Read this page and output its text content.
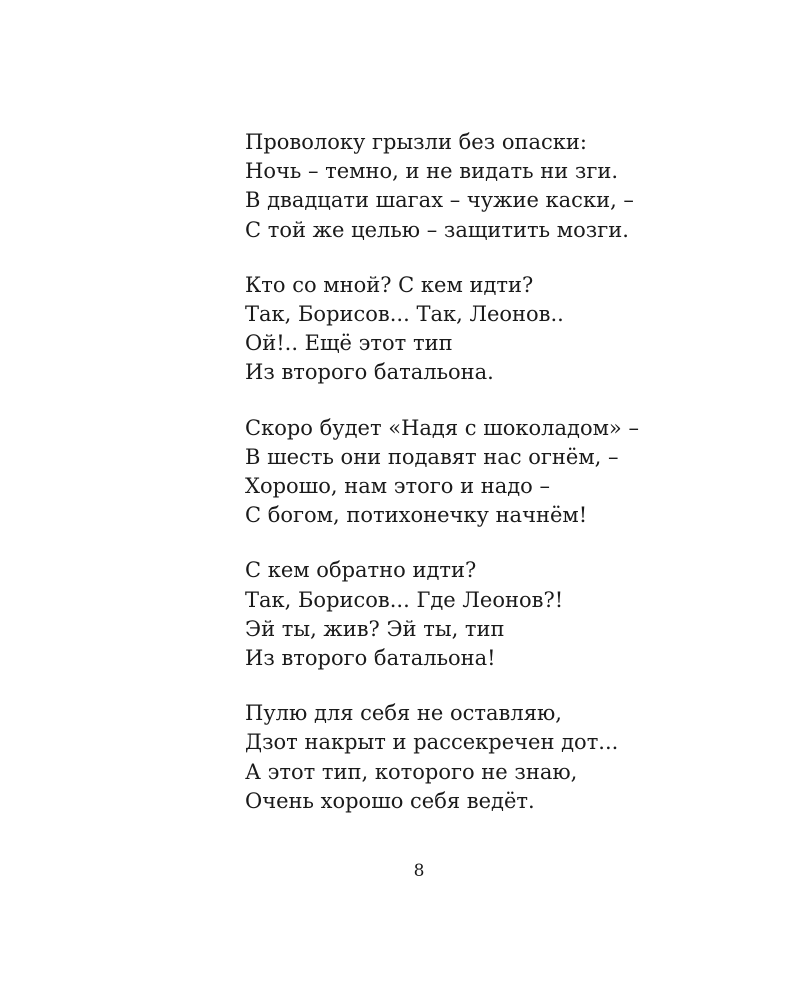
Проволоку грызли без опаски:
Ночь – темно, и не видать ни зги.
В двадцати шагах – чужие каски, –
С той же целью – защитить мозги.
Кто со мной? С кем идти?
Так, Борисов... Так, Леонов..
Ой!.. Ещё этот тип
Из второго батальона.
Скоро будет «Надя с шоколадом» –
В шесть они подавят нас огнём, –
Хорошо, нам этого и надо –
С богом, потихонечку начнём!
С кем обратно идти?
Так, Борисов... Где Леонов?!
Эй ты, жив? Эй ты, тип
Из второго батальона!
Пулю для себя не оставляю,
Дзот накрыт и рассекречен дот...
А этот тип, которого не знаю,
Очень хорошо себя ведёт.
8
